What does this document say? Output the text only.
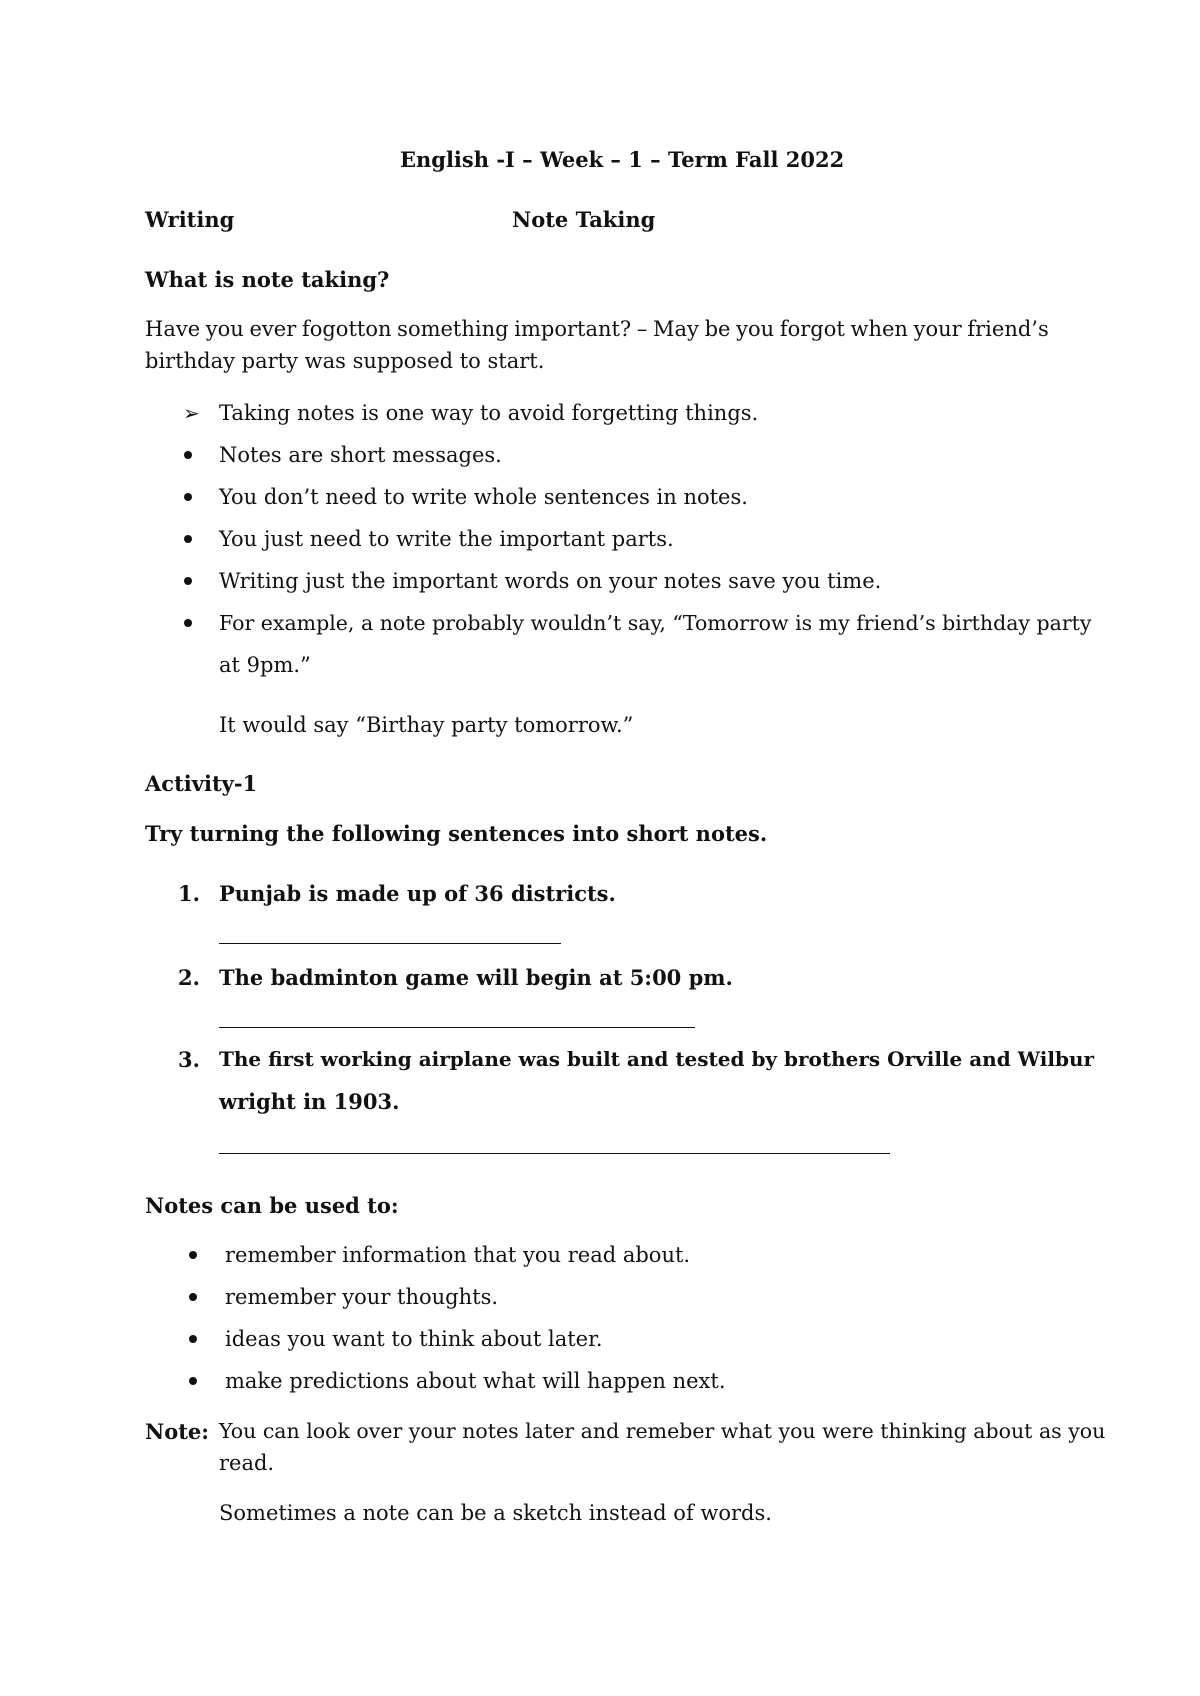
English -I – Week – 1 – Term Fall 2022
Writing	Note Taking
What is note taking?
Have you ever fogotton something important? – May be you forgot when your friend’s
birthday party was supposed to start.
➢ Taking notes is one way to avoid forgetting things.
Notes are short messages.
You don’t need to write whole sentences in notes.
You just need to write the important parts.
Writing just the important words on your notes save you time.
For example, a note probably wouldn’t say, “Tomorrow is my friend’s birthday party
at 9pm.”
It would say “Birthay party tomorrow.”
Activity-1
Try turning the following sentences into short notes.
1. Punjab is made up of 36 districts.
2. The badminton game will begin at 5:00 pm.
3. The first working airplane was built and tested by brothers Orville and Wilbur
wright in 1903.
Notes can be used to:
remember information that you read about.
remember your thoughts.
ideas you want to think about later.
make predictions about what will happen next.
Note: You can look over your notes later and remeber what you were thinking about as you
read.
Sometimes a note can be a sketch instead of words.
